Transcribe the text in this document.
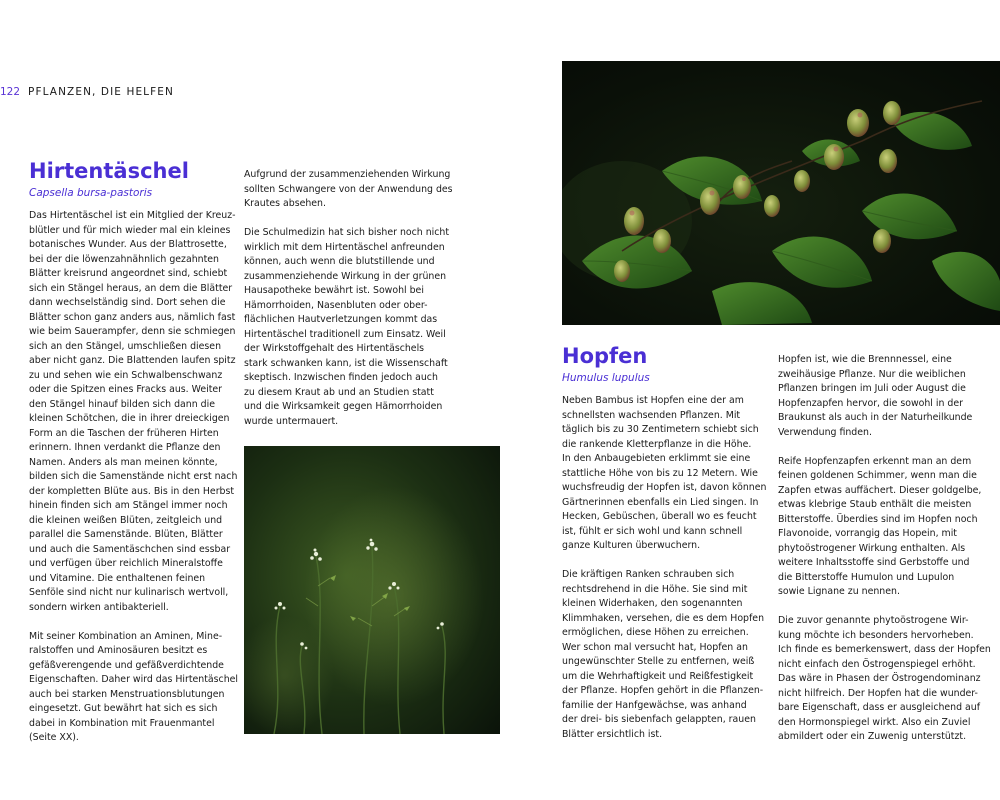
122 PFLANZEN, DIE HELFEN
Hirtentäschel
Capsella bursa-pastoris

Das Hirtentäschel ist ein Mitglied der Kreuz-
blütler und für mich wieder mal ein kleines
botanisches Wunder. Aus der Blattrosette,
bei der die löwenzahnähnlich gezahnten
Blätter kreisrund angeordnet sind, schiebt
sich ein Stängel heraus, an dem die Blätter
dann wechselständig sind. Dort sehen die
Blätter schon ganz anders aus, nämlich fast
wie beim Sauerampfer, denn sie schmiegen
sich an den Stängel, umschließen diesen
aber nicht ganz. Die Blattenden laufen spitz
zu und sehen wie ein Schwalbenschwanz
oder die Spitzen eines Fracks aus. Weiter
den Stängel hinauf bilden sich dann die
kleinen Schötchen, die in ihrer dreieckigen
Form an die Taschen der früheren Hirten
erinnern. Ihnen verdankt die Pflanze den
Namen. Anders als man meinen könnte,
bilden sich die Samenstände nicht erst nach
der kompletten Blüte aus. Bis in den Herbst
hinein finden sich am Stängel immer noch
die kleinen weißen Blüten, zeitgleich und
parallel die Samenstände. Blüten, Blätter
und auch die Samentäschchen sind essbar
und verfügen über reichlich Mineralstoffe
und Vitamine. Die enthaltenen feinen
Senföle sind nicht nur kulinarisch wertvoll,
sondern wirken antibakteriell.

Mit seiner Kombination an Aminen, Mine-
ralstoffen und Aminosäuren besitzt es
gefäßverengende und gefäßverdichtende
Eigenschaften. Daher wird das Hirtentäschel
auch bei starken Menstruationsblutungen
eingesetzt. Gut bewährt hat sich es sich
dabei in Kombination mit Frauenmantel
(Seite XX).

Aufgrund der zusammenziehenden Wirkung
sollten Schwangere von der Anwendung des
Krautes absehen.

Die Schulmedizin hat sich bisher noch nicht
wirklich mit dem Hirtentäschel anfreunden
können, auch wenn die blutstillende und
zusammenziehende Wirkung in der grünen
Hausapotheke bewährt ist. Sowohl bei
Hämorrhoiden, Nasenbluten oder ober-
flächlichen Hautverletzungen kommt das
Hirtentäschel traditionell zum Einsatz. Weil
der Wirkstoffgehalt des Hirtentäschels
stark schwanken kann, ist die Wissenschaft
skeptisch. Inzwischen finden jedoch auch
zu diesem Kraut ab und an Studien statt
und die Wirksamkeit gegen Hämorrhoiden
wurde untermauert.

Hopfen
Humulus lupulus

Neben Bambus ist Hopfen eine der am
schnellsten wachsenden Pflanzen. Mit
täglich bis zu 30 Zentimetern schiebt sich
die rankende Kletterpflanze in die Höhe.
In den Anbaugebieten erklimmt sie eine
stattliche Höhe von bis zu 12 Metern. Wie
wuchsfreudig der Hopfen ist, davon können
Gärtnerinnen ebenfalls ein Lied singen. In
Hecken, Gebüschen, überall wo es feucht
ist, fühlt er sich wohl und kann schnell
ganze Kulturen überwuchern.

Die kräftigen Ranken schrauben sich
rechtsdrehend in die Höhe. Sie sind mit
kleinen Widerhaken, den sogenannten
Klimmhaken, versehen, die es dem Hopfen
ermöglichen, diese Höhen zu erreichen.
Wer schon mal versucht hat, Hopfen an
ungewünschter Stelle zu entfernen, weiß
um die Wehrhaftigkeit und Reißfestigkeit
der Pflanze. Hopfen gehört in die Pflanzen-
familie der Hanfgewächse, was anhand
der drei- bis siebenfach gelappten, rauen
Blätter ersichtlich ist.

Hopfen ist, wie die Brennnessel, eine
zweihäusige Pflanze. Nur die weiblichen
Pflanzen bringen im Juli oder August die
Hopfenzapfen hervor, die sowohl in der
Braukunst als auch in der Naturheilkunde
Verwendung finden.

Reife Hopfenzapfen erkennt man an dem
feinen goldenen Schimmer, wenn man die
Zapfen etwas auffächert. Dieser goldgelbe,
etwas klebrige Staub enthält die meisten
Bitterstoffe. Überdies sind im Hopfen noch
Flavonoide, vorrangig das Hopein, mit
phytoöstrogener Wirkung enthalten. Als
weitere Inhaltsstoffe sind Gerbstoffe und
die Bitterstoffe Humulon und Lupulon
sowie Lignane zu nennen.

Die zuvor genannte phytoöstrogene Wir-
kung möchte ich besonders hervorheben.
Ich finde es bemerkenswert, dass der Hopfen
nicht einfach den Östrogenspiegel erhöht.
Das wäre in Phasen der Östrogendominanz
nicht hilfreich. Der Hopfen hat die wunder-
bare Eigenschaft, dass er ausgleichend auf
den Hormonspiegel wirkt. Also ein Zuviel
abmildert oder ein Zuwenig unterstützt.
